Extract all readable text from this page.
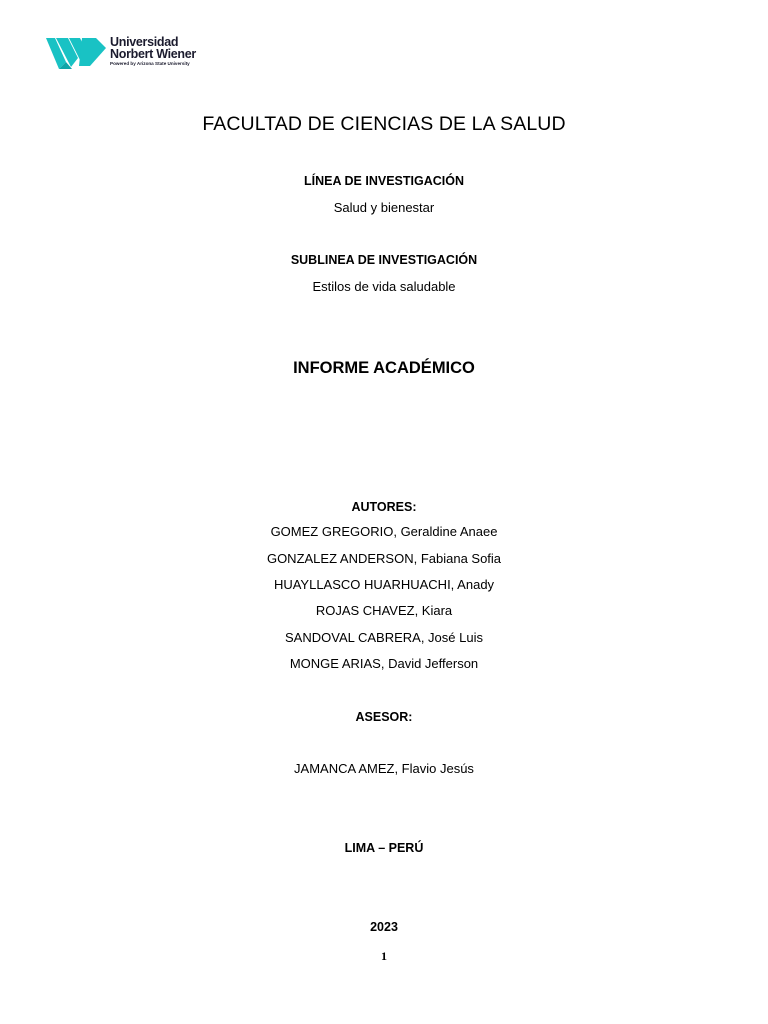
Universidad
Norbert Wiener
Powered by Arizona State University
FACULTAD DE CIENCIAS DE LA SALUD
LÍNEA DE INVESTIGACIÓN
Salud y bienestar
SUBLINEA DE INVESTIGACIÓN
Estilos de vida saludable
INFORME ACADÉMICO
AUTORES:
GOMEZ GREGORIO, Geraldine Anaee
GONZALEZ ANDERSON, Fabiana Sofia
HUAYLLASCO HUARHUACHI, Anady
ROJAS CHAVEZ, Kiara
SANDOVAL CABRERA, José Luis
MONGE ARIAS, David Jefferson
ASESOR:
JAMANCA AMEZ, Flavio Jesús
LIMA – PERÚ
2023
1
